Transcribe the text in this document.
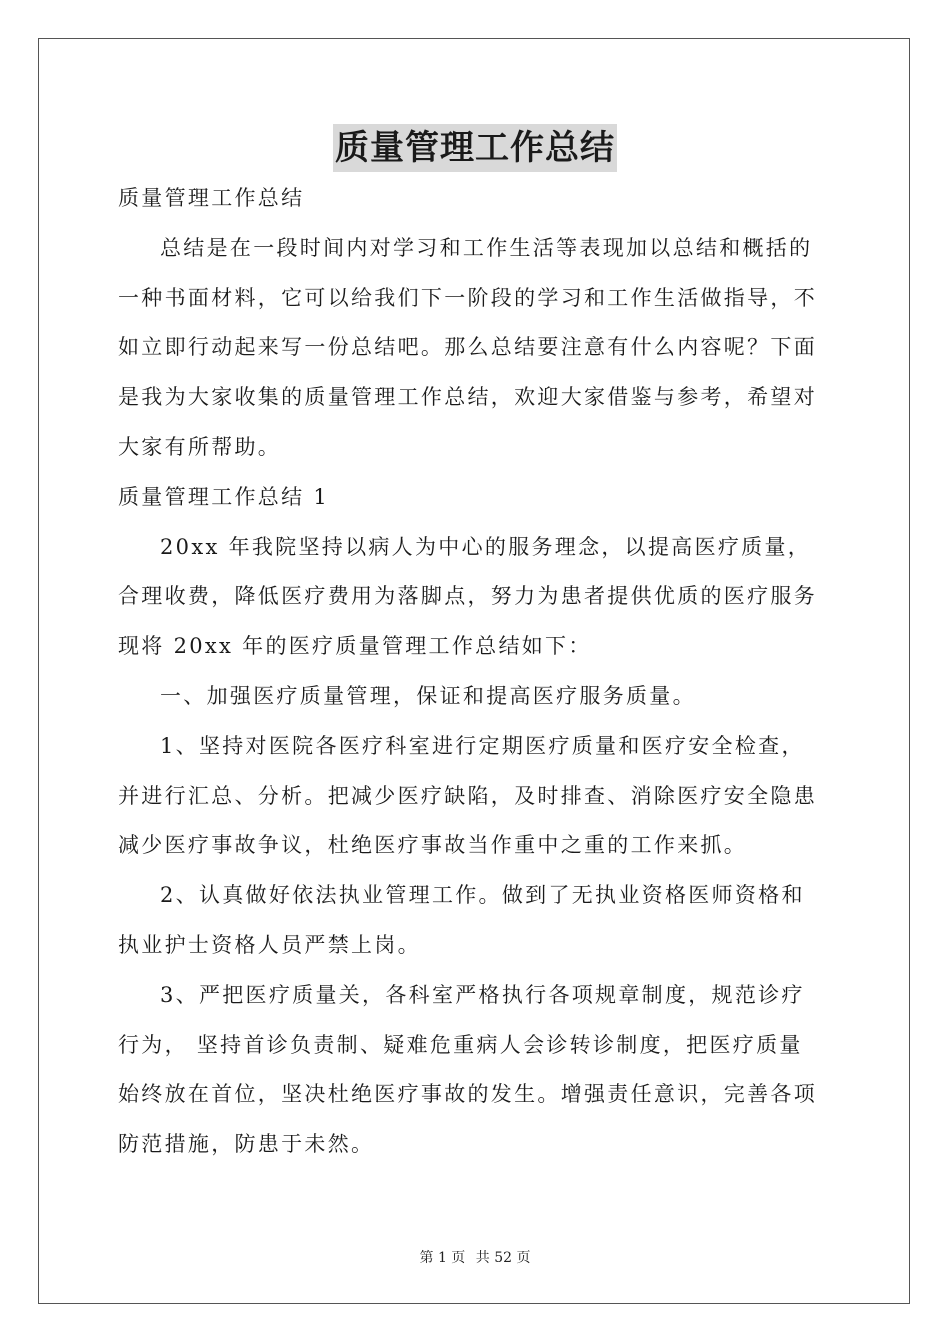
质量管理工作总结
质量管理工作总结
总结是在一段时间内对学习和工作生活等表现加以总结和概括的
一种书面材料，它可以给我们下一阶段的学习和工作生活做指导，不
如立即行动起来写一份总结吧。那么总结要注意有什么内容呢？下面
是我为大家收集的质量管理工作总结，欢迎大家借鉴与参考，希望对
大家有所帮助。
质量管理工作总结 1
20xx 年我院坚持以病人为中心的服务理念，以提高医疗质量，
合理收费，降低医疗费用为落脚点，努力为患者提供优质的医疗服务
现将 20xx 年的医疗质量管理工作总结如下：
一、加强医疗质量管理，保证和提高医疗服务质量。
1、坚持对医院各医疗科室进行定期医疗质量和医疗安全检查，
并进行汇总、分析。把减少医疗缺陷，及时排查、消除医疗安全隐患
减少医疗事故争议，杜绝医疗事故当作重中之重的工作来抓。
2、认真做好依法执业管理工作。做到了无执业资格医师资格和
执业护士资格人员严禁上岗。
3、严把医疗质量关，各科室严格执行各项规章制度，规范诊疗
行为， 坚持首诊负责制、疑难危重病人会诊转诊制度，把医疗质量
始终放在首位，坚决杜绝医疗事故的发生。增强责任意识，完善各项
防范措施，防患于未然。
第 1 页 共 52 页
